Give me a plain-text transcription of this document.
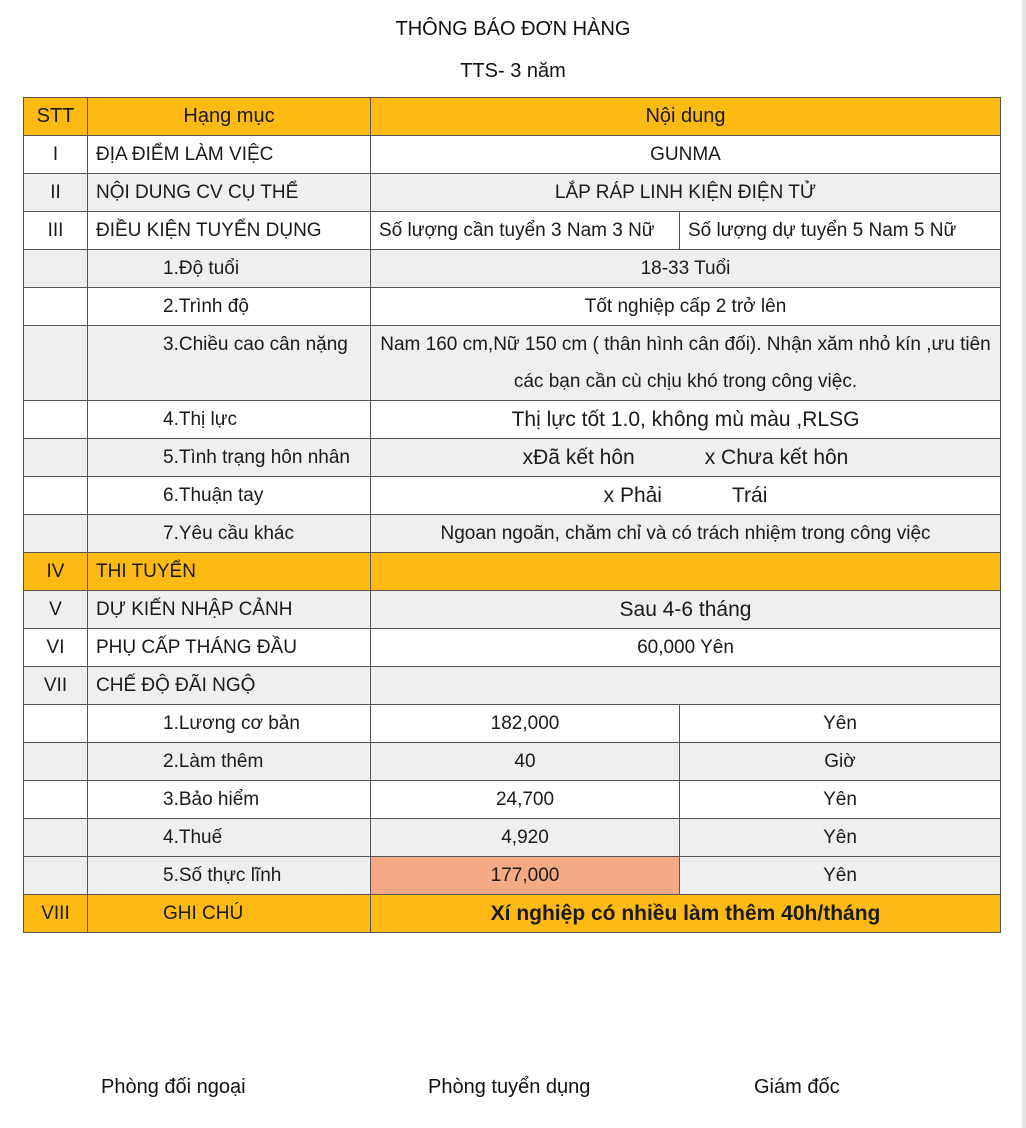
THÔNG BÁO ĐƠN HÀNG
TTS- 3 năm
STT	Hạng mục	Nội dung	
I	ĐỊA ĐIỂM LÀM VIỆC	GUNMA	
II	NỘI DUNG CV CỤ THỂ	LẮP RÁP LINH KIỆN ĐIỆN TỬ	
III	ĐIỀU KIỆN TUYỂN DỤNG	Số lượng cần tuyển 3 Nam 3 Nữ	Số lượng dự tuyển 5 Nam 5 Nữ
	1.Độ tuổi	18-33 Tuổi	
	2.Trình độ	Tốt nghiệp cấp 2 trở lên	
	3.Chiều cao cân nặng	Nam 160 cm,Nữ 150 cm ( thân hình cân đối). Nhận xăm nhỏ kín ,ưu tiên các bạn cần cù chịu khó trong công việc.	
	4.Thị lực	Thị lực tốt 1.0, không mù màu ,RLSG	
	5.Tình trạng hôn nhân	xĐã kết hôn x Chưa kết hôn	
	6.Thuận tay	x Phải Trái	
	7.Yêu cầu khác	Ngoan ngoãn, chăm chỉ và có trách nhiệm trong công việc	
IV	THI TUYỂN		
V	DỰ KIẾN NHẬP CẢNH	Sau 4-6 tháng	
VI	PHỤ CẤP THÁNG ĐẦU	60,000 Yên	
VII	CHẾ ĐỘ ĐÃI NGỘ		
	1.Lương cơ bản	182,000	Yên
	2.Làm thêm	40	Giờ
	3.Bảo hiểm	24,700	Yên
	4.Thuế	4,920	Yên
	5.Số thực lĩnh	177,000	Yên
VIII	GHI CHÚ	Xí nghiệp có nhiều làm thêm 40h/tháng	
Phòng đối ngoại	Phòng tuyển dụng	Giám đốc
